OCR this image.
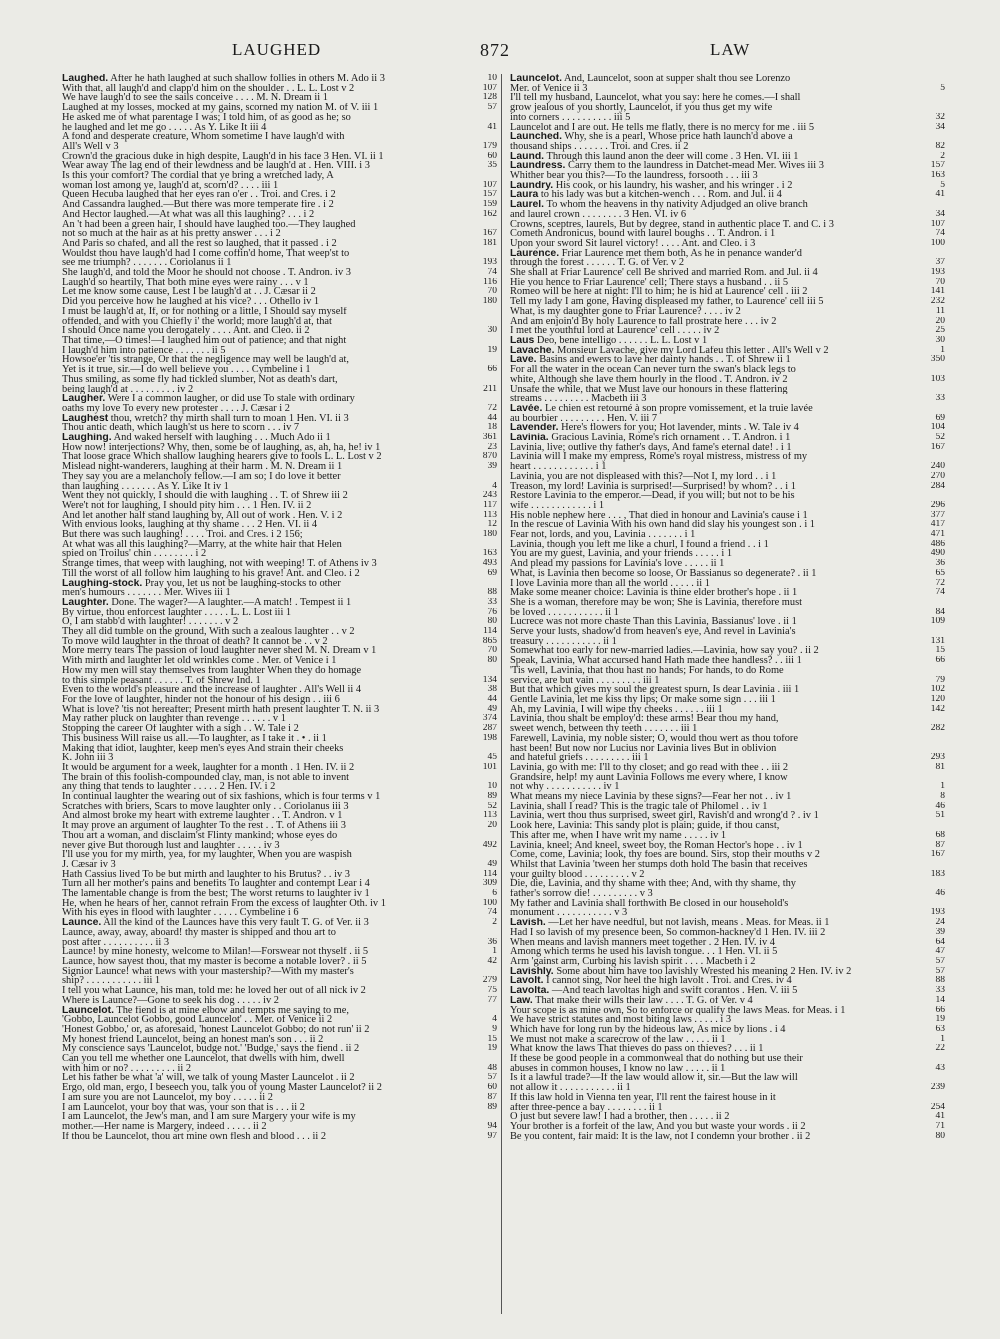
LAUGHED	872	LAW
Laughed. After he hath laughed at such shallow follies in others M. Ado ii 3	10
With that, all laugh'd and clapp'd him on the shoulder . . L. L. Lost v 2	107
We have laugh'd to see the sails conceive . . . . M. N. Dream ii 1	128
Laughed at my losses, mocked at my gains, scorned my nation M. of V. iii 1	57
He asked me of what parentage I was; I told him, of as good as he; so
he laughed and let me go . . . . . As Y. Like It iii 4	41
A fond and desperate creature, Whom sometime I have laugh'd with
All's Well v 3	179
Crown'd the gracious duke in high despite, Laugh'd in his face 3 Hen. VI. ii 1	60
Wear away The lag end of their lewdness and be laugh'd at . Hen. VIII. i 3	35
Is this your comfort? The cordial that ye bring a wretched lady, A
woman lost among ye, laugh'd at, scorn'd? . . . . iii 1	107
Queen Hecuba laughed that her eyes ran o'er . . Troi. and Cres. i 2	157
And Cassandra laughed.—But there was more temperate fire . i 2	159
And Hector laughed.—At what was all this laughing? . . . i 2	162
An 't had been a green hair, I should have laughed too.—They laughed
not so much at the hair as at his pretty answer . . . i 2	167
And Paris so chafed, and all the rest so laughed, that it passed . i 2	181
Wouldst thou have laugh'd had I come coffin'd home, That weep'st to
see me triumph? . . . . . . . Coriolanus ii 1	193
She laugh'd, and told the Moor he should not choose . T. Andron. iv 3	74
Laugh'd so heartily, That both mine eyes were rainy . . . v 1	116
Let me know some cause, Lest I be laugh'd at . . J. Cæsar ii 2	70
Did you perceive how he laughed at his vice? . . . Othello iv 1	180
I must be laugh'd at, If, or for nothing or a little, I Should say myself
offended, and with you Chiefly i' the world; more laugh'd at, that
I should Once name you derogately . . . . Ant. and Cleo. ii 2	30
That time,—O times!—I laughed him out of patience; and that night
I laugh'd him into patience . . . . . . . ii 5	19
Howsoe'er 'tis strange, Or that the negligence may well be laugh'd at,
Yet is it true, sir.—I do well believe you . . . . Cymbeline i 1	66
Thus smiling, as some fly had tickled slumber, Not as death's dart,
being laugh'd at . . . . . . . . . iv 2	211
Laugher. Were I a common laugher, or did use To stale with ordinary
oaths my love To every new protester . . . . J. Cæsar i 2	72
Laughest thou, wretch? thy mirth shall turn to moan 1 Hen. VI. ii 3	44
Thou antic death, which laugh'st us here to scorn . . . iv 7	18
Laughing. And waked herself with laughing . . . Much Ado ii 1	361
How now! interjections? Why, then, some be of laughing, as, ah, ha, he! iv 1	23
That loose grace Which shallow laughing hearers give to fools L. L. Lost v 2	870
Mislead night-wanderers, laughing at their harm . M. N. Dream ii 1	39
They say you are a melancholy fellow.—I am so; I do love it better
than laughing . . . . . . . As Y. Like It iv 1	4
Went they not quickly, I should die with laughing . . T. of Shrew iii 2	243
Were't not for laughing, I should pity him . . . 1 Hen. IV. ii 2	117
And let another half stand laughing by, All out of work . Hen. V. i 2	113
With envious looks, laughing at thy shame . . . 2 Hen. VI. ii 4	12
But there was such laughing! . . . . Troi. and Cres. i 2 156;	180
At what was all this laughing?—Marry, at the white hair that Helen
spied on Troilus' chin . . . . . . . . i 2	163
Strange times, that weep with laughing, not with weeping! T. of Athens iv 3	493
Till the worst of all follow him laughing to his grave! Ant. and Cleo. i 2	69
Laughing-stock. Pray you, let us not be laughing-stocks to other
men's humours . . . . . . . Mer. Wives iii 1	88
Laughter. Done. The wager?—A laughter.—A match! . Tempest ii 1	33
By virtue, thou enforcest laughter . . . . . L. L. Lost iii 1	76
O, I am stabb'd with laughter! . . . . . . . v 2	80
They all did tumble on the ground, With such a zealous laughter . . v 2	114
To move wild laughter in the throat of death? It cannot be . . v 2	865
More merry tears The passion of loud laughter never shed M. N. Dream v 1	70
With mirth and laughter let old wrinkles come . Mer. of Venice i 1	80
How my men will stay themselves from laughter When they do homage
to this simple peasant . . . . . . T. of Shrew Ind. 1	134
Even to the world's pleasure and the increase of laughter . All's Well ii 4	38
For the love of laughter, hinder not the honour of his design . . iii 6	44
What is love? 'tis not hereafter; Present mirth hath present laughter T. N. ii 3	49
May rather pluck on laughter than revenge . . . . . . v 1	374
Stopping the career Of laughter with a sigh . . W. Tale i 2	287
This business Will raise us all.—To laughter, as I take it . • . ii 1	198
Making that idiot, laughter, keep men's eyes And strain their cheeks
K. John iii 3	45
It would be argument for a week, laughter for a month . 1 Hen. IV. ii 2	101
The brain of this foolish-compounded clay, man, is not able to invent
any thing that tends to laughter . . . . . 2 Hen. IV. i 2	10
In continual laughter the wearing out of six fashions, which is four terms v 1	89
Scratches with briers, Scars to move laughter only . . Coriolanus iii 3	52
And almost broke my heart with extreme laughter . . T. Andron. v 1	113
It may prove an argument of laughter To the rest . . T. of Athens iii 3	20
Thou art a woman, and disclaim'st Flinty mankind; whose eyes do
never give But thorough lust and laughter . . . . . iv 3	492
I'll use you for my mirth, yea, for my laughter, When you are waspish
J. Cæsar iv 3	49
Hath Cassius lived To be but mirth and laughter to his Brutus? . . iv 3	114
Turn all her mother's pains and benefits To laughter and contempt Lear i 4	309
The lamentable change is from the best; The worst returns to laughter iv 1	6
He, when he hears of her, cannot refrain From the excess of laughter Oth. iv 1	100
With his eyes in flood with laughter . . . . . Cymbeline i 6	74
Launce. All the kind of the Launces have this very fault T. G. of Ver. ii 3	2
Launce, away, away, aboard! thy master is shipped and thou art to
post after . . . . . . . . . . ii 3	36
Launce! by mine honesty, welcome to Milan!—Forswear not thyself . ii 5	1
Launce, how sayest thou, that my master is become a notable lover? . ii 5	42
Signior Launce! what news with your mastership?—With my master's
ship? . . . . . . . . . . . iii 1	279
I tell you what Launce, his man, told me: he loved her out of all nick iv 2	75
Where is Launce?—Gone to seek his dog . . . . . iv 2	77
Launcelot. The fiend is at mine elbow and tempts me saying to me,
'Gobbo, Launcelot Gobbo, good Launcelot' . . Mer. of Venice ii 2	4
'Honest Gobbo,' or, as aforesaid, 'honest Launcelot Gobbo; do not run' ii 2	9
My honest friend Launcelot, being an honest man's son . . . ii 2	15
My conscience says 'Launcelot, budge not.' 'Budge,' says the fiend . ii 2	19
Can you tell me whether one Launcelot, that dwells with him, dwell
with him or no? . . . . . . . . . ii 2	48
Let his father be what 'a' will, we talk of young Master Launcelot . ii 2	57
Ergo, old man, ergo, I beseech you, talk you of young Master Launcelot? ii 2	60
I am sure you are not Launcelot, my boy . . . . . ii 2	87
I am Launcelot, your boy that was, your son that is . . . ii 2	89
I am Launcelot, the Jew's man, and I am sure Margery your wife is my
mother.—Her name is Margery, indeed . . . . . ii 2	94
If thou be Launcelot, thou art mine own flesh and blood . . . ii 2	97
Launcelot. And, Launcelot, soon at supper shalt thou see Lorenzo
Mer. of Venice ii 3	5
I'll tell my husband, Launcelot, what you say: here he comes.—I shall
grow jealous of you shortly, Launcelot, if you thus get my wife
into corners . . . . . . . . . . iii 5	32
Launcelot and I are out. He tells me flatly, there is no mercy for me . iii 5	34
Launched. Why, she is a pearl, Whose price hath launch'd above a
thousand ships . . . . . . . Troi. and Cres. ii 2	82
Laund. Through this laund anon the deer will come . 3 Hen. VI. iii 1	2
Laundress. Carry them to the laundress in Datchet-mead Mer. Wives iii 3	157
Whither bear you this?—To the laundress, forsooth . . . iii 3	163
Laundry. His cook, or his laundry, his washer, and his wringer . i 2	5
Laura to his lady was but a kitchen-wench . . . Rom. and Jul. ii 4	41
Laurel. To whom the heavens in thy nativity Adjudged an olive branch
and laurel crown . . . . . . . . 3 Hen. VI. iv 6	34
Crowns, sceptres, laurels, But by degree, stand in authentic place T. and C. i 3	107
Cometh Andronicus, bound with laurel boughs . . T. Andron. i 1	74
Upon your sword Sit laurel victory! . . . . Ant. and Cleo. i 3	100
Laurence. Friar Laurence met them both, As he in penance wander'd
through the forest . . . . . . T. G. of Ver. v 2	37
She shall at Friar Laurence' cell Be shrived and married Rom. and Jul. ii 4	193
Hie you hence to Friar Laurence' cell; There stays a husband . . ii 5	70
Romeo will be here at night: I'll to him; he is hid at Laurence' cell . iii 2	141
Tell my lady I am gone, Having displeased my father, to Laurence' cell iii 5	232
What, is my daughter gone to Friar Laurence? . . . . iv 2	11
And am enjoin'd By holy Laurence to fall prostrate here . . . iv 2	20
I met the youthful lord at Laurence' cell . . . . . iv 2	25
Laus Deo, bene intelligo . . . . . . L. L. Lost v 1	30
Lavache. Monsieur Lavache, give my Lord Lafeu this letter . All's Well v 2	1
Lave. Basins and ewers to lave her dainty hands . . T. of Shrew ii 1	350
For all the water in the ocean Can never turn the swan's black legs to
white, Although she lave them hourly in the flood . T. Andron. iv 2	103
Unsafe the while, that we Must lave our honours in these flattering
streams . . . . . . . . . Macbeth iii 3	33
Lavée. Le chien est retourné à son propre vomissement, et la truie lavée
au bourbier . . . . . . . . . Hen. V. iii 7	69
Lavender. Here's flowers for you; Hot lavender, mints . W. Tale iv 4	104
Lavinia. Gracious Lavinia, Rome's rich ornament . . T. Andron. i 1	52
Lavinia, live; outlive thy father's days, And fame's eternal date! . i 1	167
Lavinia will I make my empress, Rome's royal mistress, mistress of my
heart . . . . . . . . . . . . i 1	240
Lavinia, you are not displeased with this?—Not I, my lord . . i 1	270
Treason, my lord! Lavinia is surprised!—Surprised! by whom? . . i 1	284
Restore Lavinia to the emperor.—Dead, if you will; but not to be his
wife . . . . . . . . . . . . i 1	296
His noble nephew here . . . , That died in honour and Lavinia's cause i 1	377
In the rescue of Lavinia With his own hand did slay his youngest son . i 1	417
Fear not, lords, and you, Lavinia . . . . . . . i 1	471
Lavinia, though you left me like a churl, I found a friend . . i 1	486
You are my guest, Lavinia, and your friends . . . . . i 1	490
And plead my passions for Lavinia's love . . . . . ii 1	36
What, is Lavinia then become so loose, Or Bassianus so degenerate? . ii 1	65
I love Lavinia more than all the world . . . . . ii 1	72
Make some meaner choice: Lavinia is thine elder brother's hope . ii 1	74
She is a woman, therefore may be won; She is Lavinia, therefore must
be loved . . . . . . . . . . . ii 1	84
Lucrece was not more chaste Than this Lavinia, Bassianus' love . ii 1	109
Serve your lusts, shadow'd from heaven's eye, And revel in Lavinia's
treasury . . . . . . . . . . . ii 1	131
Somewhat too early for new-married ladies.—Lavinia, how say you? . ii 2	15
Speak, Lavinia, What accursed hand Hath made thee handless? . . iii 1	66
'Tis well, Lavinia, that thou hast no hands; For hands, to do Rome
service, are but vain . . . . . . . . . iii 1	79
But that which gives my soul the greatest spurn, Is dear Lavinia . iii 1	102
Gentle Lavinia, let me kiss thy lips; Or make some sign . . . iii 1	120
Ah, my Lavinia, I will wipe thy cheeks . . . . . . iii 1	142
Lavinia, thou shalt be employ'd: these arms! Bear thou my hand,
sweet wench, between thy teeth . . . . . . . iii 1	282
Farewell, Lavinia, my noble sister; O, would thou wert as thou tofore
hast been! But now nor Lucius nor Lavinia lives But in oblivion
and hateful griefs . . . . . . . . . iii 1	293
Lavinia, go with me: I'll to thy closet; and go read with thee . . iii 2	81
Grandsire, help! my aunt Lavinia Follows me every where, I know
not why . . . . . . . . . . . iv 1	1
What means my niece Lavinia by these signs?—Fear her not . . iv 1	8
Lavinia, shall I read? This is the tragic tale of Philomel . . iv 1	46
Lavinia, wert thou thus surprised, sweet girl, Ravish'd and wrong'd ? . iv 1	51
Look here, Lavinia: This sandy plot is plain; guide, if thou canst,
This after me, when I have writ my name . . . . . iv 1	68
Lavinia, kneel; And kneel, sweet boy, the Roman Hector's hope . . iv 1	87
Come, come, Lavinia; look, thy foes are bound. Sirs, stop their mouths v 2	167
Whilst that Lavinia 'tween her stumps doth hold The basin that receives
your guilty blood . . . . . . . . . v 2	183
Die, die, Lavinia, and thy shame with thee; And, with thy shame, thy
father's sorrow die! . . . . . . . . . v 3	46
My father and Lavinia shall forthwith Be closed in our household's
monument . . . . . . . . . . . v 3	193
Lavish. —Let her have needful, but not lavish, means . Meas. for Meas. ii 1	24
Had I so lavish of my presence been, So common-hackney'd 1 Hen. IV. iii 2	39
When means and lavish manners meet together . 2 Hen. IV. iv 4	64
Among which terms he used his lavish tongue. . . 1 Hen. VI. ii 5	47
Arm 'gainst arm, Curbing his lavish spirit . . . . Macbeth i 2	57
Lavishly. Some about him have too lavishly Wrested his meaning 2 Hen. IV. iv 2	57
Lavolt. I cannot sing, Nor heel the high lavolt . Troi. and Cres. iv 4	88
Lavolta. —And teach lavoltas high and swift corantos . Hen. V. iii 5	33
Law. That make their wills their law . . . . T. G. of Ver. v 4	14
Your scope is as mine own, So to enforce or qualify the laws Meas. for Meas. i 1	66
We have strict statutes and most biting laws . . . . . i 3	19
Which have for long run by the hideous law, As mice by lions . i 4	63
We must not make a scarecrow of the law . . . . . ii 1	1
What know the laws That thieves do pass on thieves? . . . ii 1	22
If these be good people in a commonweal that do nothing but use their
abuses in common houses, I know no law . . . . . ii 1	43
Is it a lawful trade?—If the law would allow it, sir.—But the law will
not allow it . . . . . . . . . . . ii 1	239
If this law hold in Vienna ten year, I'll rent the fairest house in it
after three-pence a bay . . . . . . . . ii 1	254
O just but severe law! I had a brother, then . . . . . ii 2	41
Your brother is a forfeit of the law, And you but waste your words . ii 2	71
Be you content, fair maid: It is the law, not I condemn your brother . ii 2	80
